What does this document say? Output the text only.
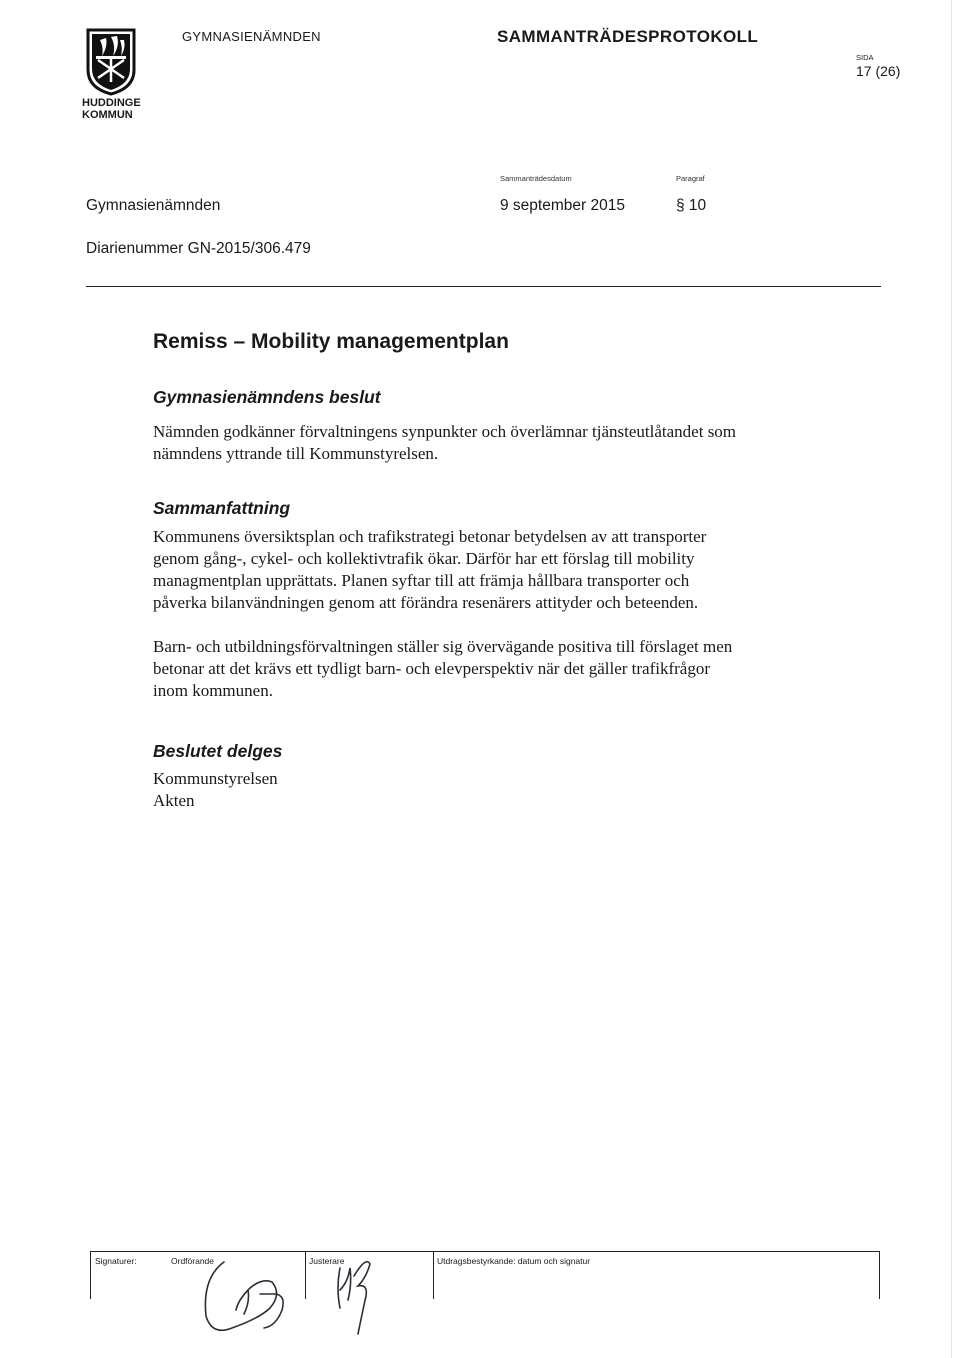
HUDDINGE
KOMMUN
GYMNASIENÄMNDEN	SAMMANTRÄDESPROTOKOLL
SIDA
17 (26)
Sammanträdesdatum	Paragraf
Gymnasienämnden	9 september 2015	§ 10
Diarienummer GN-2015/306.479
Remiss – Mobility managementplan
Gymnasienämndens beslut
Nämnden godkänner förvaltningens synpunkter och överlämnar tjänsteutlåtandet som
nämndens yttrande till Kommunstyrelsen.
Sammanfattning
Kommunens översiktsplan och trafikstrategi betonar betydelsen av att transporter
genom gång-, cykel- och kollektivtrafik ökar. Därför har ett förslag till mobility
managmentplan upprättats. Planen syftar till att främja hållbara transporter och
påverka bilanvändningen genom att förändra resenärers attityder och beteenden.
Barn- och utbildningsförvaltningen ställer sig övervägande positiva till förslaget men
betonar att det krävs ett tydligt barn- och elevperspektiv när det gäller trafikfrågor
inom kommunen.
Beslutet delges
Kommunstyrelsen
Akten
Signaturer:	Ordförande	Justerare	Utdragsbestyrkande: datum och signatur
